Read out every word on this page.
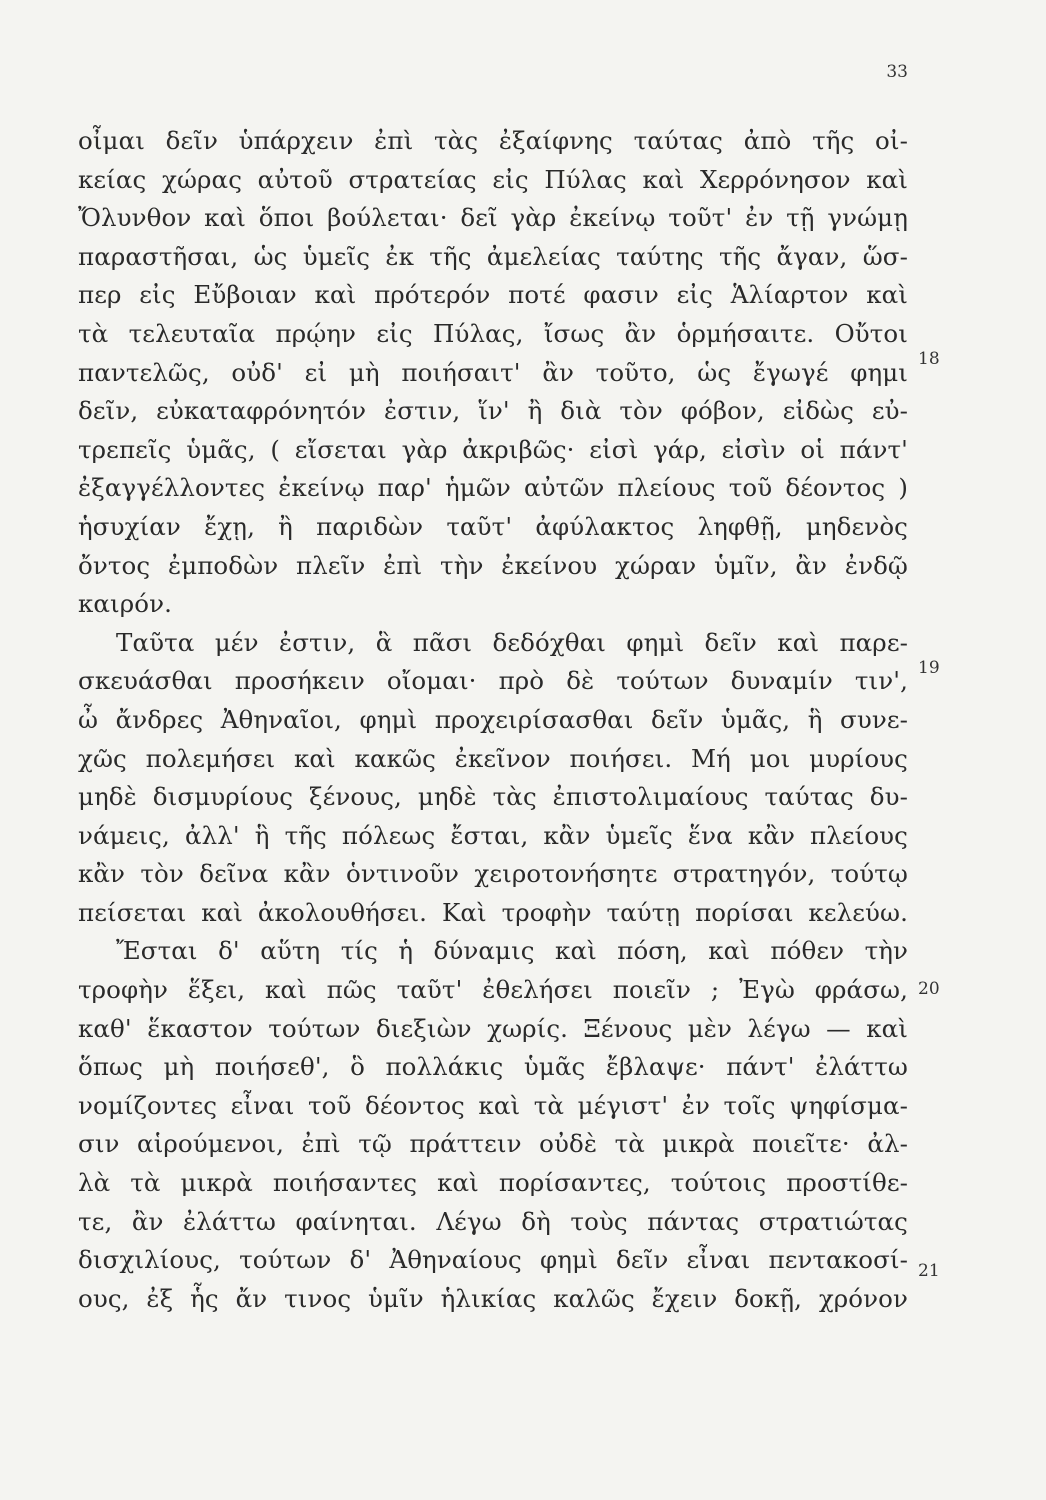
33
οἶμαι δεῖν ὑπάρχειν ἐπὶ τὰς ἐξαίφνης ταύτας ἀπὸ τῆς οἰ-
κείας χώρας αὐτοῦ στρατείας εἰς Πύλας καὶ Χερρόνησον καὶ
Ὄλυνθον καὶ ὅποι βούλεται· δεῖ γὰρ ἐκείνῳ τοῦτ' ἐν τῇ γνώμῃ
παραστῆσαι, ὡς ὑμεῖς ἐκ τῆς ἀμελείας ταύτης τῆς ἄγαν, ὥσ-
περ εἰς Εὔβοιαν καὶ πρότερόν ποτέ φασιν εἰς Ἁλίαρτον καὶ
τὰ τελευταῖα πρῴην εἰς Πύλας, ἴσως ἂν ὁρμήσαιτε. Οὔτοι
παντελῶς, οὐδ' εἰ μὴ ποιήσαιτ' ἂν τοῦτο, ὡς ἔγωγέ φημι
δεῖν, εὐκαταφρόνητόν ἐστιν, ἵν' ἢ διὰ τὸν φόβον, εἰδὼς εὐ-
τρεπεῖς ὑμᾶς, ( εἴσεται γὰρ ἀκριβῶς· εἰσὶ γάρ, εἰσὶν οἱ πάντ'
ἐξαγγέλλοντες ἐκείνῳ παρ' ἡμῶν αὐτῶν πλείους τοῦ δέοντος )
ἡσυχίαν ἔχῃ, ἢ παριδὼν ταῦτ' ἀφύλακτος ληφθῇ, μηδενὸς
ὄντος ἐμποδὼν πλεῖν ἐπὶ τὴν ἐκείνου χώραν ὑμῖν, ἂν ἐνδῷ
καιρόν.
Ταῦτα μέν ἐστιν, ἃ πᾶσι δεδόχθαι φημὶ δεῖν καὶ παρε-
σκευάσθαι προσήκειν οἴομαι· πρὸ δὲ τούτων δυναμίν τιν',
ὦ ἄνδρες Ἀθηναῖοι, φημὶ προχειρίσασθαι δεῖν ὑμᾶς, ἣ συνε-
χῶς πολεμήσει καὶ κακῶς ἐκεῖνον ποιήσει. Μή μοι μυρίους
μηδὲ δισμυρίους ξένους, μηδὲ τὰς ἐπιστολιμαίους ταύτας δυ-
νάμεις, ἀλλ' ἣ τῆς πόλεως ἔσται, κἂν ὑμεῖς ἕνα κἂν πλείους
κἂν τὸν δεῖνα κἂν ὁντινοῦν χειροτονήσητε στρατηγόν, τούτῳ
πείσεται καὶ ἀκολουθήσει. Καὶ τροφὴν ταύτῃ πορίσαι κελεύω.
Ἔσται δ' αὕτη τίς ἡ δύναμις καὶ πόση, καὶ πόθεν τὴν
τροφὴν ἕξει, καὶ πῶς ταῦτ' ἐθελήσει ποιεῖν ; Ἐγὼ φράσω,
καθ' ἕκαστον τούτων διεξιὼν χωρίς. Ξένους μὲν λέγω — καὶ
ὅπως μὴ ποιήσεθ', ὃ πολλάκις ὑμᾶς ἔβλαψε· πάντ' ἐλάττω
νομίζοντες εἶναι τοῦ δέοντος καὶ τὰ μέγιστ' ἐν τοῖς ψηφίσμα-
σιν αἱρούμενοι, ἐπὶ τῷ πράττειν οὐδὲ τὰ μικρὰ ποιεῖτε· ἀλ-
λὰ τὰ μικρὰ ποιήσαντες καὶ πορίσαντες, τούτοις προστίθε-
τε, ἂν ἐλάττω φαίνηται. Λέγω δὴ τοὺς πάντας στρατιώτας
δισχιλίους, τούτων δ' Ἀθηναίους φημὶ δεῖν εἶναι πεντακοσί-
ους, ἐξ ἧς ἄν τινος ὑμῖν ἡλικίας καλῶς ἔχειν δοκῇ, χρόνον
18
19
20
21
